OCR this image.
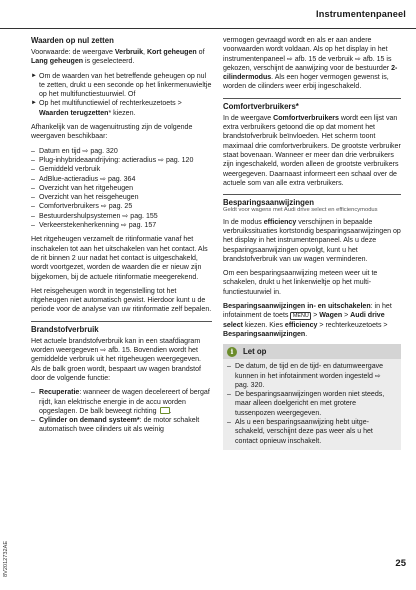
Instrumentenpaneel
Waarden op nul zetten

Voorwaarde: de weergave Verbruik, Kort geheugen of Lang geheugen is geselecteerd.

► Om de waarden van het betreffende geheugen op nul te zetten, drukt u een seconde op het linkermenuwieltje op het multifunctiestuurwiel. Of
► Op het multifunctiewiel of rechterkeuzetoets > Waarden terugzetten* kiezen.

Afhankelijk van de wagenuitrusting zijn de volgende weergaven beschikbaar:

– Datum en tijd ⇨ pag. 320
– Plug-inhybrideaandrijving: actieradius ⇨ pag. 120
– Gemiddeld verbruik
– AdBlue-actieradius ⇨ pag. 364
– Overzicht van het ritgeheugen
– Overzicht van het reisgeheugen
– Comfortverbruikers ⇨ pag. 25
– Bestuurdershulpsystemen ⇨ pag. 155
– Verkeerstekenherkenning ⇨ pag. 157

Het ritgeheugen verzamelt de ritinformatie vanaf het inschakelen tot aan het uitschakelen van het contact. Als de rit binnen 2 uur nadat het contact is uitgeschakeld, wordt voortgezet, worden de waarden die er nieuw zijn bijgekomen, bij de actuele ritinformatie meegerekend.

Het reisgeheugen wordt in tegenstelling tot het ritgeheugen niet automatisch gewist. Hierdoor kunt u de periode voor de analyse van uw ritinformatie zelf bepalen.

Brandstofverbruik

Het actuele brandstofverbruik kan in een staafdiagram worden weergegeven ⇨ afb. 15. Bovendien wordt het gemiddelde verbruik uit het ritgeheugen weergegeven. Als de balk groen wordt, bespaart uw wagen brandstof door de volgende functie:

– Recuperatie: wanneer de wagen decelereert of bergaf rijdt, kan elektrische energie in de accu worden opgeslagen. De balk beweegt richting .
– Cylinder on demand systeem*: de motor schakelt automatisch twee cilinders uit als weinig

vermogen gevraagd wordt en als er aan andere voorwaarden wordt voldaan. Als op het display in het instrumentenpaneel ⇨ afb. 15 de verbruik ⇨ afb. 15 is gekozen, verschijnt de aanwijzing voor de bestuurder 2-cilindermodus. Als een hoger vermogen gewenst is, worden de cilinders weer erbij ingeschakeld.

Comfortverbruikers*

In de weergave Comfortverbruikers wordt een lijst van extra verbruikers getoond die op dat moment het brandstofverbruik beïnvloeden. Het scherm toont maximaal drie comfortverbruikers. De grootste verbruiker staat bovenaan. Wanneer er meer dan drie verbruikers zijn ingeschakeld, worden alleen de grootste verbruikers weergegeven. Daarnaast informeert een schaal over de actuele som van alle extra verbruikers.

Besparingsaanwijzingen
Geldt voor wagens met Audi drive select en efficiencymodus

In de modus efficiency verschijnen in bepaalde verbruikssituaties kortstondig besparingsaanwijzingen op het display in het instrumentenpaneel. Als u deze besparingsaanwijzingen opvolgt, kunt u het brandstofverbruik van uw wagen verminderen.

Om een besparingsaanwijzing meteen weer uit te schakelen, drukt u het linkerwieltje op het multifunctiestuurwiel in.

Besparingsaanwijzingen in- en uitschakelen: in het infotainment de toets MENU > Wagen > Audi drive select kiezen. Kies efficiency > rechterkeuzetoets > Besparingsaanwijzingen.

i	Let op
– De datum, de tijd en de tijd- en datumweergave kunnen in het infotainment worden ingesteld ⇨ pag. 320.
– De besparingsaanwijzingen worden niet steeds, maar alleen doelgericht en met grotere tussenpozen weergegeven.
– Als u een besparingsaanwijzing hebt uitgeschakeld, verschijnt deze pas weer als u het contact opnieuw inschakelt.
8V2012732AE	25
